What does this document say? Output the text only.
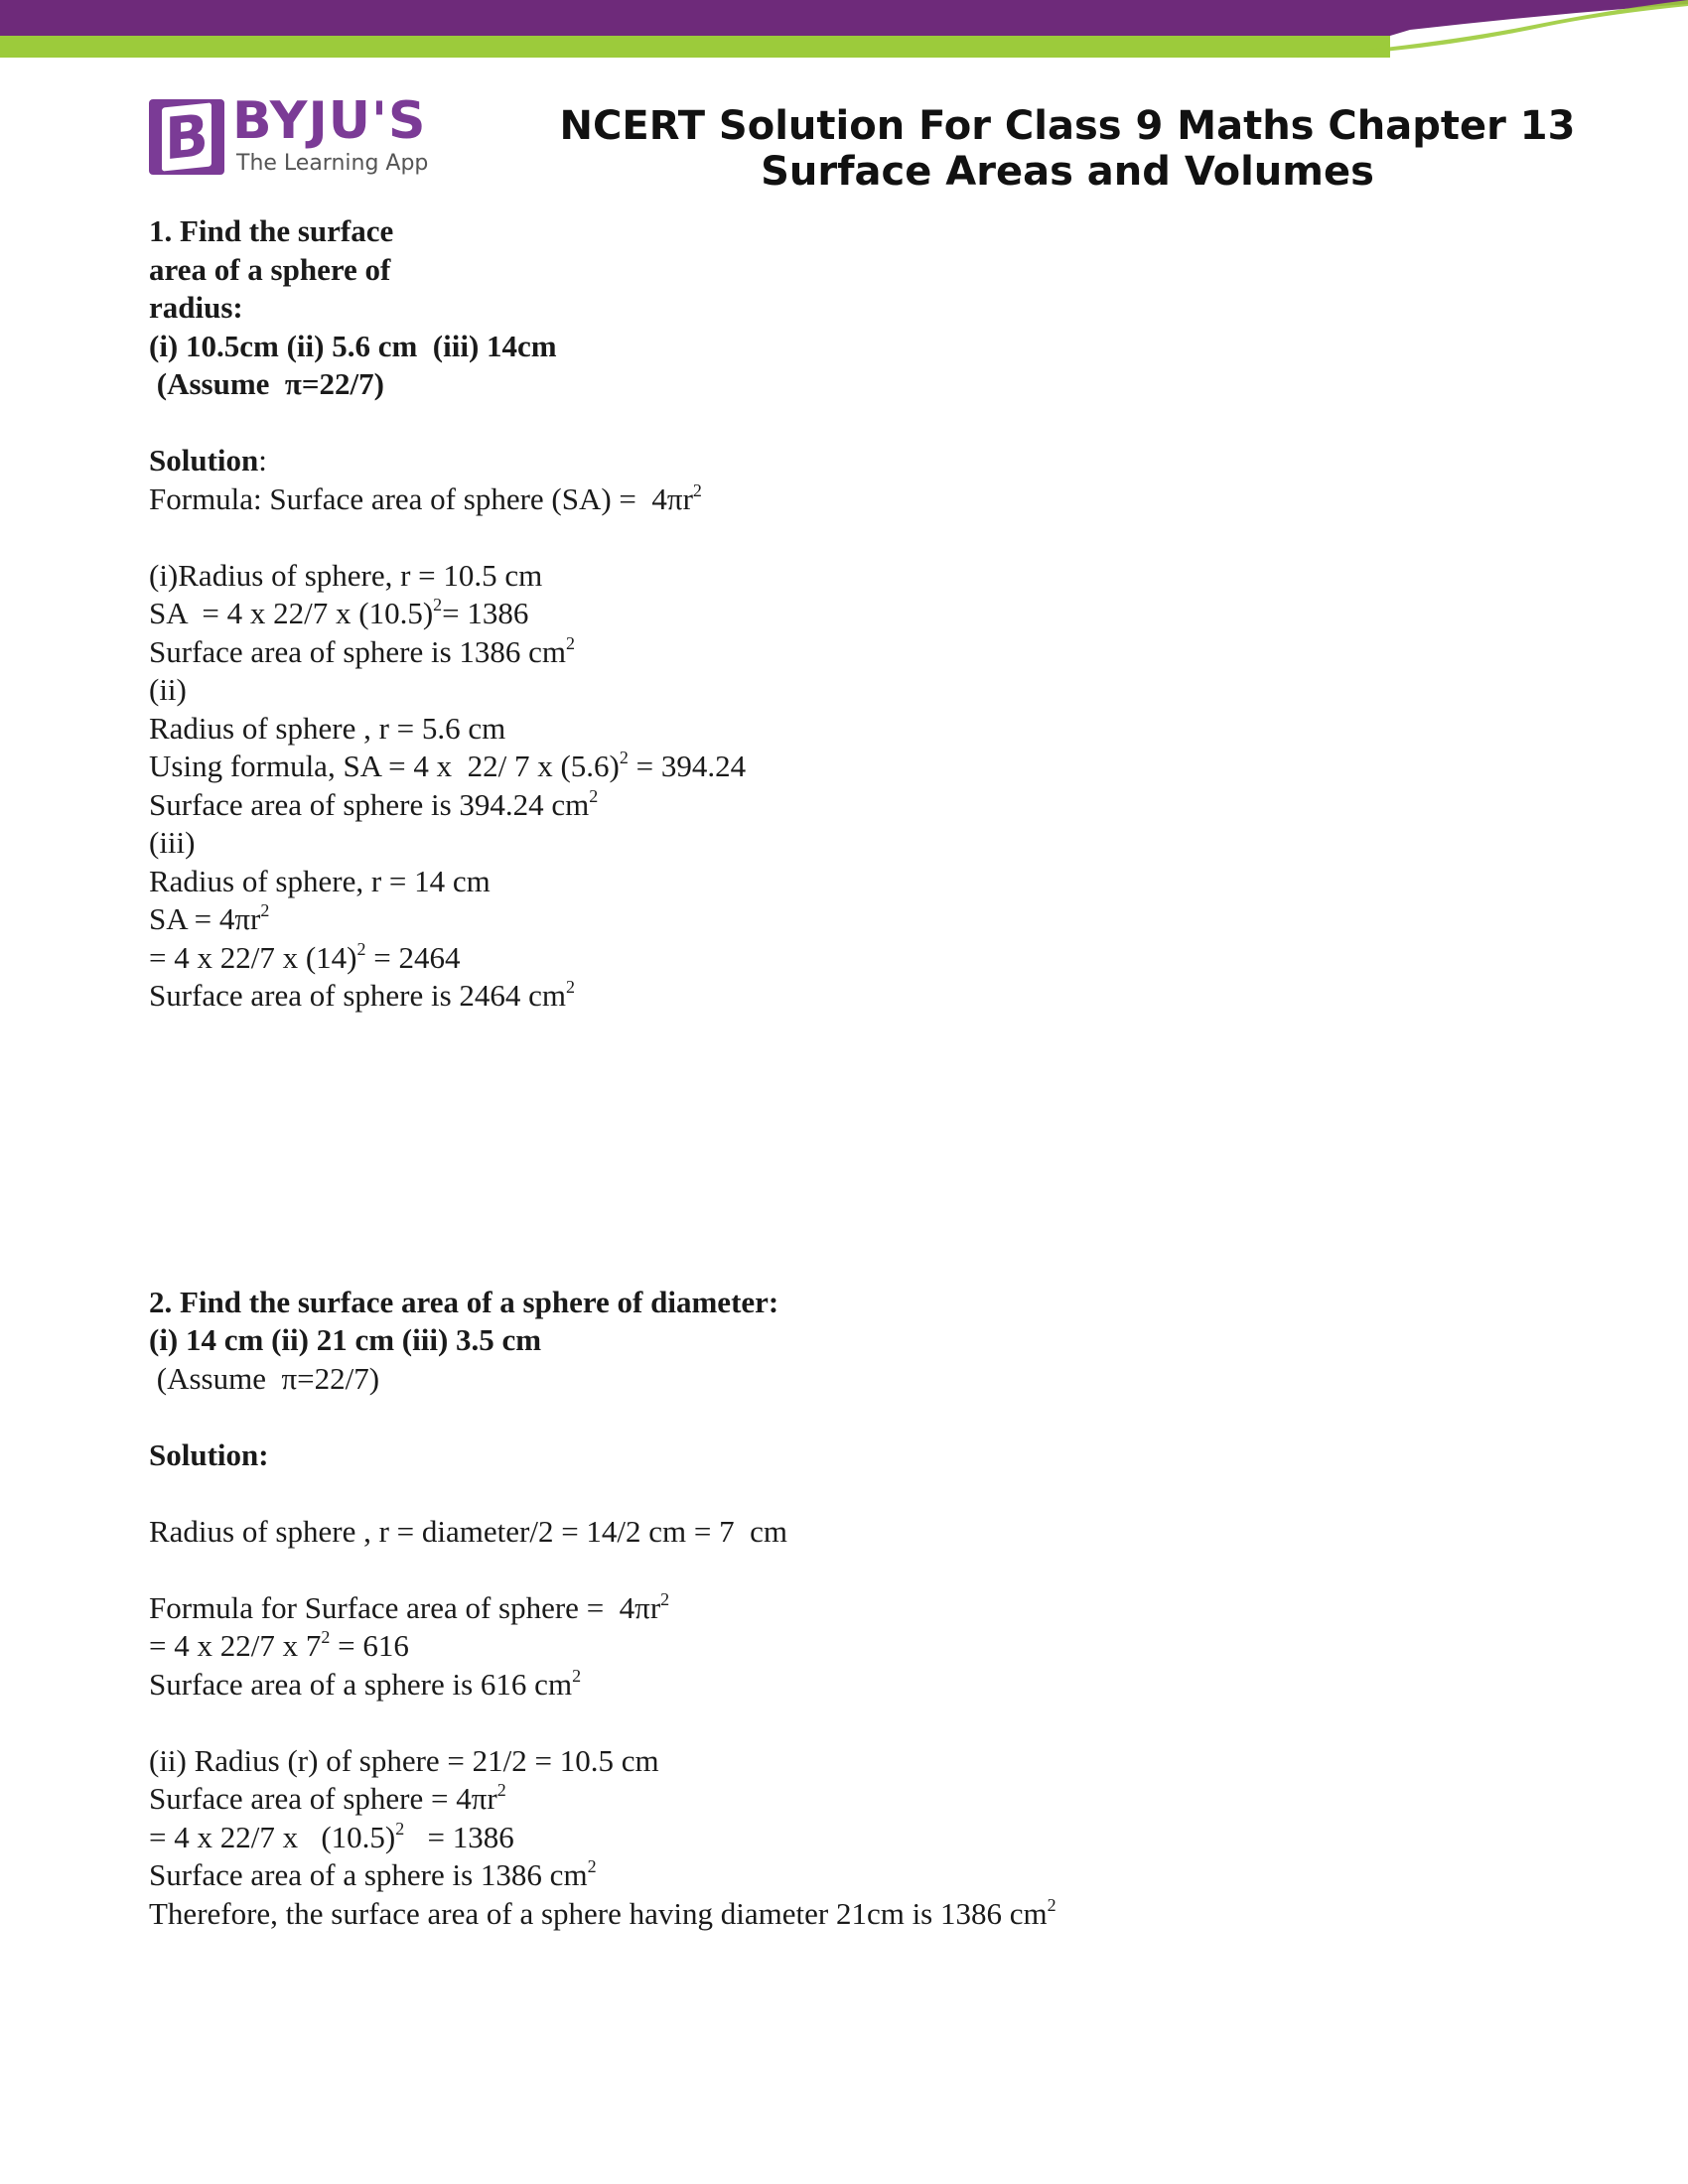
B BYJU'S
The Learning App
NCERT Solution For Class 9 Maths Chapter 13 Surface Areas and Volumes
1. Find the surface
area of a sphere of
radius:
(i) 10.5cm (ii) 5.6 cm  (iii) 14cm
(Assume  π=22/7)
Solution:
Formula: Surface area of sphere $(SA) = 4\pi r^2$
(i)Radius of sphere, r = 10.5 cm
SA  = 4 x 22/7 x $(10.5)^2= 1386$
Surface area of sphere is 1386 $cm^2$
(ii)
Radius of sphere , r = 5.6 cm
Using formula, SA = 4 x  22/ 7 x $(5.6)^2 = 394.24$
Surface area of sphere is 394.24 $cm^2$
(iii)
Radius of sphere, r = 14 cm
SA = $4\pi r^2$
= 4 x 22/7 x $(14)^2 = 2464$
Surface area of sphere is 2464 $cm^2$
2. Find the surface area of a sphere of diameter:
(i) 14 cm (ii) 21 cm (iii) 3.5 cm
(Assume  π=22/7)
Solution:
Radius of sphere , r = diameter/2 = 14/2 cm = 7  cm
Formula for Surface area of sphere =  $4\pi r^2$
= 4 x 22/7 x $7^2 = 616$
Surface area of a sphere is 616 $cm^2$
(ii) Radius (r) of sphere = 21/2 = 10.5 cm
Surface area of sphere = $4\pi r^2$
= 4 x 22/7 x   $(10.5)^2 = 1386$
Surface area of a sphere is 1386 $cm^2$
Therefore, the surface area of a sphere having diameter 21cm is 1386 $cm^2$
